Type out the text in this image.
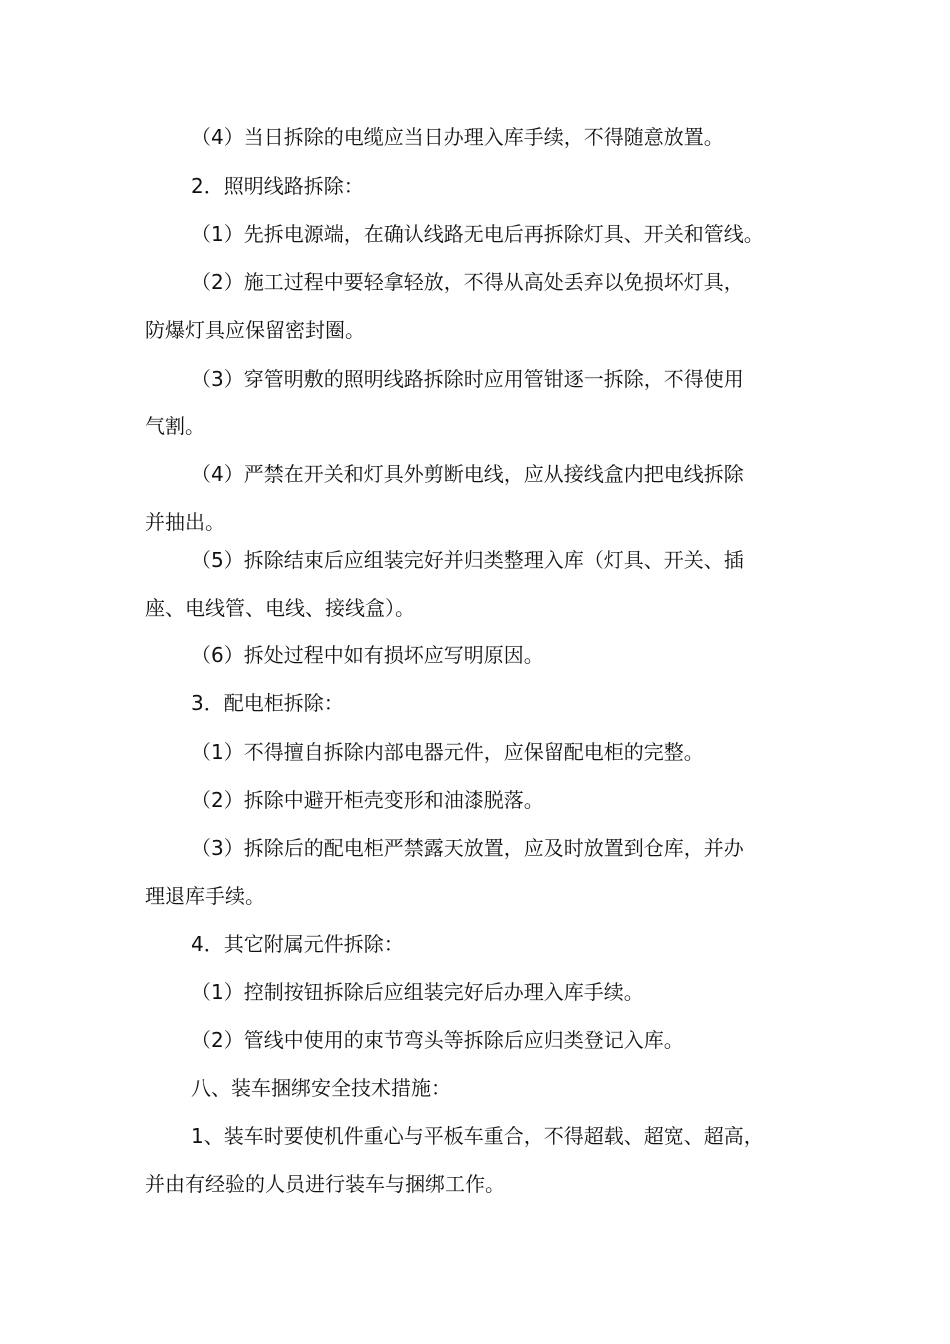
（4）当日拆除的电缆应当日办理入库手续，不得随意放置。
2．照明线路拆除：
（1）先拆电源端，在确认线路无电后再拆除灯具、开关和管线。
（2）施工过程中要轻拿轻放，不得从高处丢弃以免损坏灯具，
防爆灯具应保留密封圈。
（3）穿管明敷的照明线路拆除时应用管钳逐一拆除，不得使用
气割。
（4）严禁在开关和灯具外剪断电线，应从接线盒内把电线拆除
并抽出。
（5）拆除结束后应组装完好并归类整理入库（灯具、开关、插
座、电线管、电线、接线盒）。
（6）拆处过程中如有损坏应写明原因。
3．配电柜拆除：
（1）不得擅自拆除内部电器元件，应保留配电柜的完整。
（2）拆除中避开柜壳变形和油漆脱落。
（3）拆除后的配电柜严禁露天放置，应及时放置到仓库，并办
理退库手续。
4．其它附属元件拆除：
（1）控制按钮拆除后应组装完好后办理入库手续。
（2）管线中使用的束节弯头等拆除后应归类登记入库。
八、装车捆绑安全技术措施：
1、装车时要使机件重心与平板车重合，不得超载、超宽、超高，
并由有经验的人员进行装车与捆绑工作。
